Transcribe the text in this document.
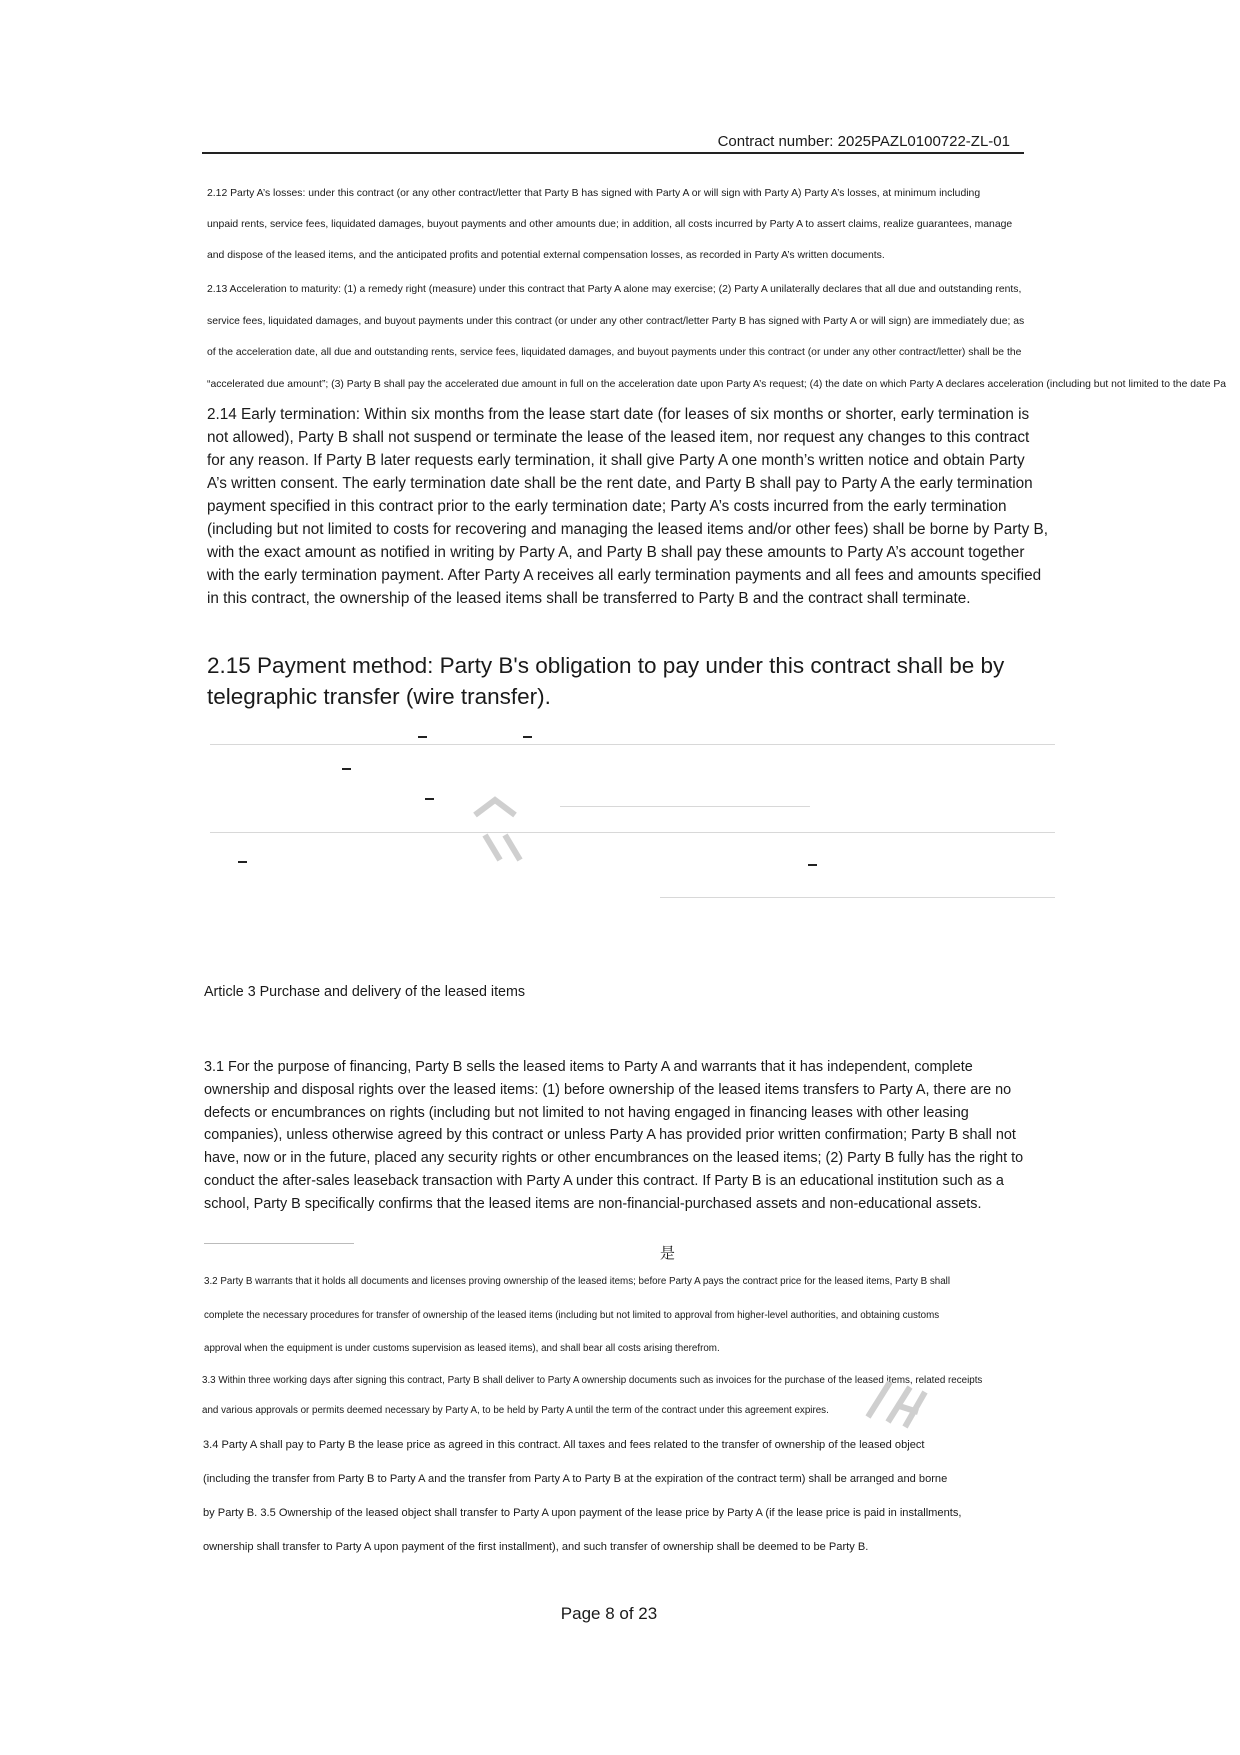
Contract number: 2025PAZL0100722-ZL-01
2.12 Party A’s losses: under this contract (or any other contract/letter that Party B has signed with Party A or will sign with Party A) Party A’s losses, at minimum including
unpaid rents, service fees, liquidated damages, buyout payments and other amounts due; in addition, all costs incurred by Party A to assert claims, realize guarantees, manage
and dispose of the leased items, and the anticipated profits and potential external compensation losses, as recorded in Party A’s written documents.
2.13 Acceleration to maturity: (1) a remedy right (measure) under this contract that Party A alone may exercise; (2) Party A unilaterally declares that all due and outstanding rents,
service fees, liquidated damages, and buyout payments under this contract (or under any other contract/letter Party B has signed with Party A or will sign) are immediately due; as
of the acceleration date, all due and outstanding rents, service fees, liquidated damages, and buyout payments under this contract (or under any other contract/letter) shall be the
“accelerated due amount”; (3) Party B shall pay the accelerated due amount in full on the acceleration date upon Party A’s request; (4) the date on which Party A declares acceleration (including but not limited to the date Pa
2.14 Early termination: Within six months from the lease start date (for leases of six months or shorter, early termination is
not allowed), Party B shall not suspend or terminate the lease of the leased item, nor request any changes to this contract
for any reason. If Party B later requests early termination, it shall give Party A one month’s written notice and obtain Party
A’s written consent. The early termination date shall be the rent date, and Party B shall pay to Party A the early termination
payment specified in this contract prior to the early termination date; Party A’s costs incurred from the early termination
(including but not limited to costs for recovering and managing the leased items and/or other fees) shall be borne by Party B,
with the exact amount as notified in writing by Party A, and Party B shall pay these amounts to Party A’s account together
with the early termination payment. After Party A receives all early termination payments and all fees and amounts specified
in this contract, the ownership of the leased items shall be transferred to Party B and the contract shall terminate.
2.15 Payment method: Party B's obligation to pay under this contract shall be by
telegraphic transfer (wire transfer).
Article 3 Purchase and delivery of the leased items
3.1 For the purpose of financing, Party B sells the leased items to Party A and warrants that it has independent, complete
ownership and disposal rights over the leased items: (1) before ownership of the leased items transfers to Party A, there are no
defects or encumbrances on rights (including but not limited to not having engaged in financing leases with other leasing
companies), unless otherwise agreed by this contract or unless Party A has provided prior written confirmation; Party B shall not
have, now or in the future, placed any security rights or other encumbrances on the leased items; (2) Party B fully has the right to
conduct the after-sales leaseback transaction with Party A under this contract. If Party B is an educational institution such as a
school, Party B specifically confirms that the leased items are non-financial-purchased assets and non-educational assets.
是
3.2 Party B warrants that it holds all documents and licenses proving ownership of the leased items; before Party A pays the contract price for the leased items, Party B shall
complete the necessary procedures for transfer of ownership of the leased items (including but not limited to approval from higher-level authorities, and obtaining customs
approval when the equipment is under customs supervision as leased items), and shall bear all costs arising therefrom.
3.3 Within three working days after signing this contract, Party B shall deliver to Party A ownership documents such as invoices for the purchase of the leased items, related receipts
and various approvals or permits deemed necessary by Party A, to be held by Party A until the term of the contract under this agreement expires.
3.4 Party A shall pay to Party B the lease price as agreed in this contract. All taxes and fees related to the transfer of ownership of the leased object
(including the transfer from Party B to Party A and the transfer from Party A to Party B at the expiration of the contract term) shall be arranged and borne
by Party B. 3.5 Ownership of the leased object shall transfer to Party A upon payment of the lease price by Party A (if the lease price is paid in installments,
ownership shall transfer to Party A upon payment of the first installment), and such transfer of ownership shall be deemed to be Party B.
Page 8 of 23
